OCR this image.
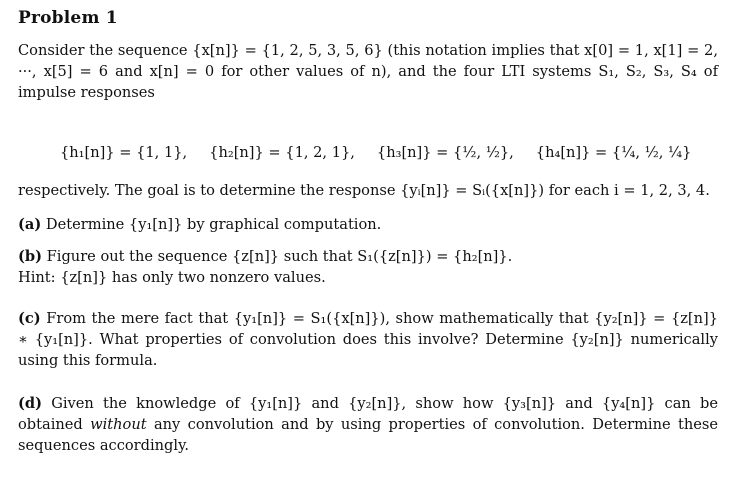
Problem 1
Consider the sequence {x[n]} = {1, 2, 5, 3, 5, 6} (this notation implies that x[0] = 1, x[1] = 2, ···, x[5] = 6 and x[n] = 0 for other values of n), and the four LTI systems S₁, S₂, S₃, S₄ of impulse responses
{h₁[n]} = {1, 1}, {h₂[n]} = {1, 2, 1}, {h₃[n]} = {½, ½}, {h₄[n]} = {¼, ½, ¼}
respectively. The goal is to determine the response {yᵢ[n]} = Sᵢ({x[n]}) for each i = 1, 2, 3, 4.
(a) Determine {y₁[n]} by graphical computation.
(b) Figure out the sequence {z[n]} such that S₁({z[n]}) = {h₂[n]}.
Hint: {z[n]} has only two nonzero values.
(c) From the mere fact that {y₁[n]} = S₁({x[n]}), show mathematically that {y₂[n]} = {z[n]} ∗ {y₁[n]}. What properties of convolution does this involve? Determine {y₂[n]} numerically using this formula.
(d) Given the knowledge of {y₁[n]} and {y₂[n]}, show how {y₃[n]} and {y₄[n]} can be obtained without any convolution and by using properties of convolution. Determine these sequences accordingly.
